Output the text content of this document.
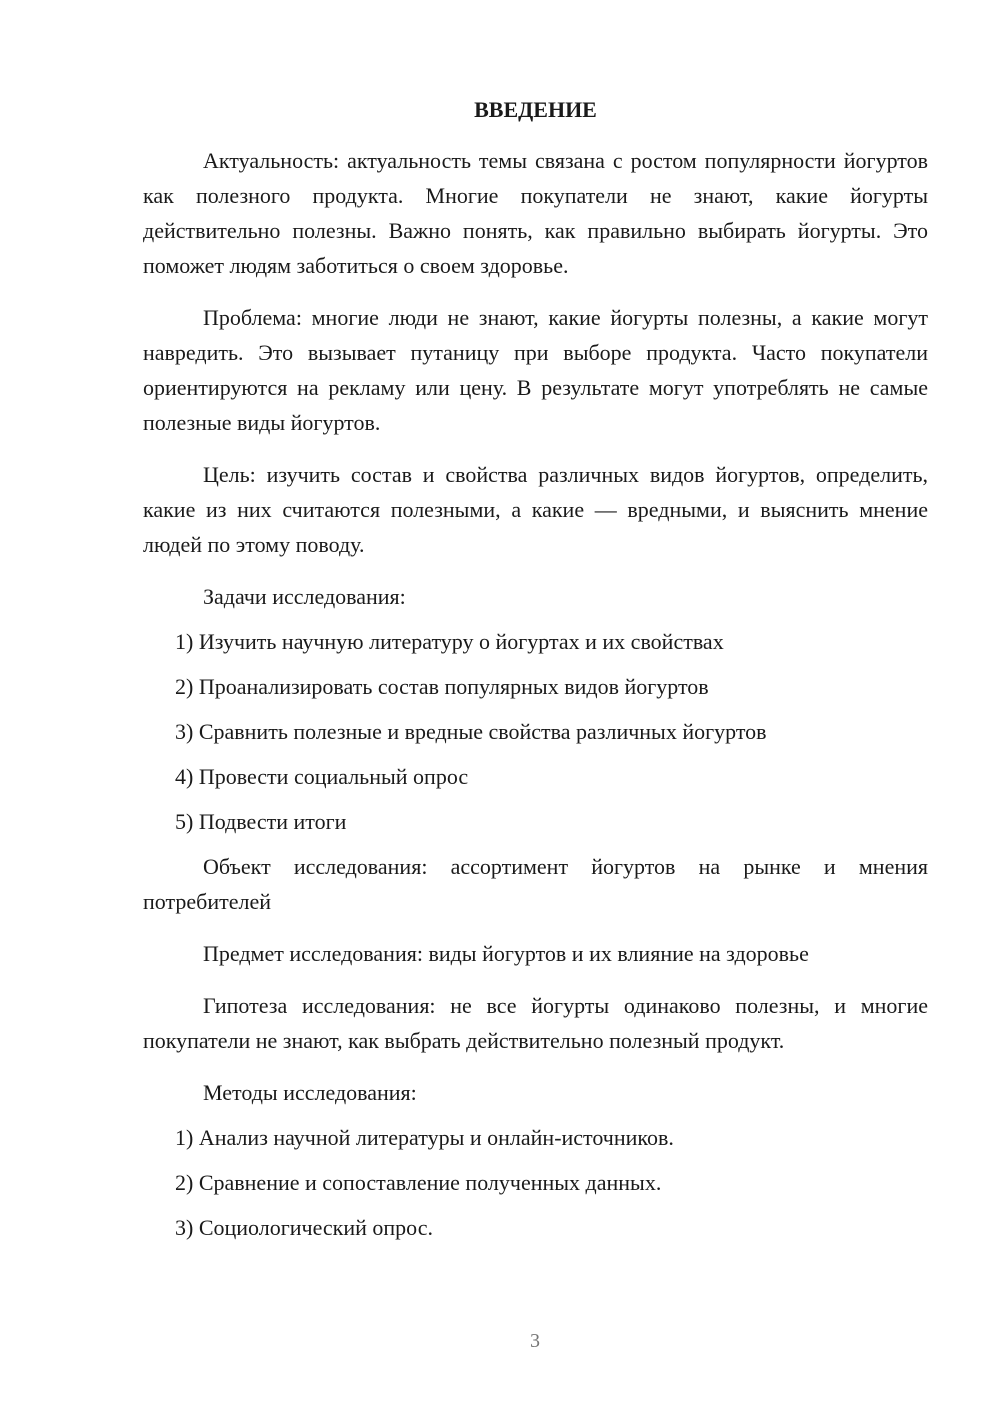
ВВЕДЕНИЕ

Актуальность: актуальность темы связана с ростом популярности йогуртов как полезного продукта. Многие покупатели не знают, какие йогурты действительно полезны. Важно понять, как правильно выбирать йогурты. Это поможет людям заботиться о своем здоровье.

Проблема: многие люди не знают, какие йогурты полезны, а какие могут навредить. Это вызывает путаницу при выборе продукта. Часто покупатели ориентируются на рекламу или цену. В результате могут употреблять не самые полезные виды йогуртов.

Цель: изучить состав и свойства различных видов йогуртов, определить, какие из них считаются полезными, а какие — вредными, и выяснить мнение людей по этому поводу.

Задачи исследования:
1) Изучить научную литературу о йогуртах и их свойствах
2) Проанализировать состав популярных видов йогуртов
3) Сравнить полезные и вредные свойства различных йогуртов
4) Провести социальный опрос
5) Подвести итоги

Объект исследования: ассортимент йогуртов на рынке и мнения потребителей

Предмет исследования: виды йогуртов и их влияние на здоровье

Гипотеза исследования: не все йогурты одинаково полезны, и многие покупатели не знают, как выбрать действительно полезный продукт.

Методы исследования:
1) Анализ научной литературы и онлайн-источников.
2) Сравнение и сопоставление полученных данных.
3) Социологический опрос.
3
